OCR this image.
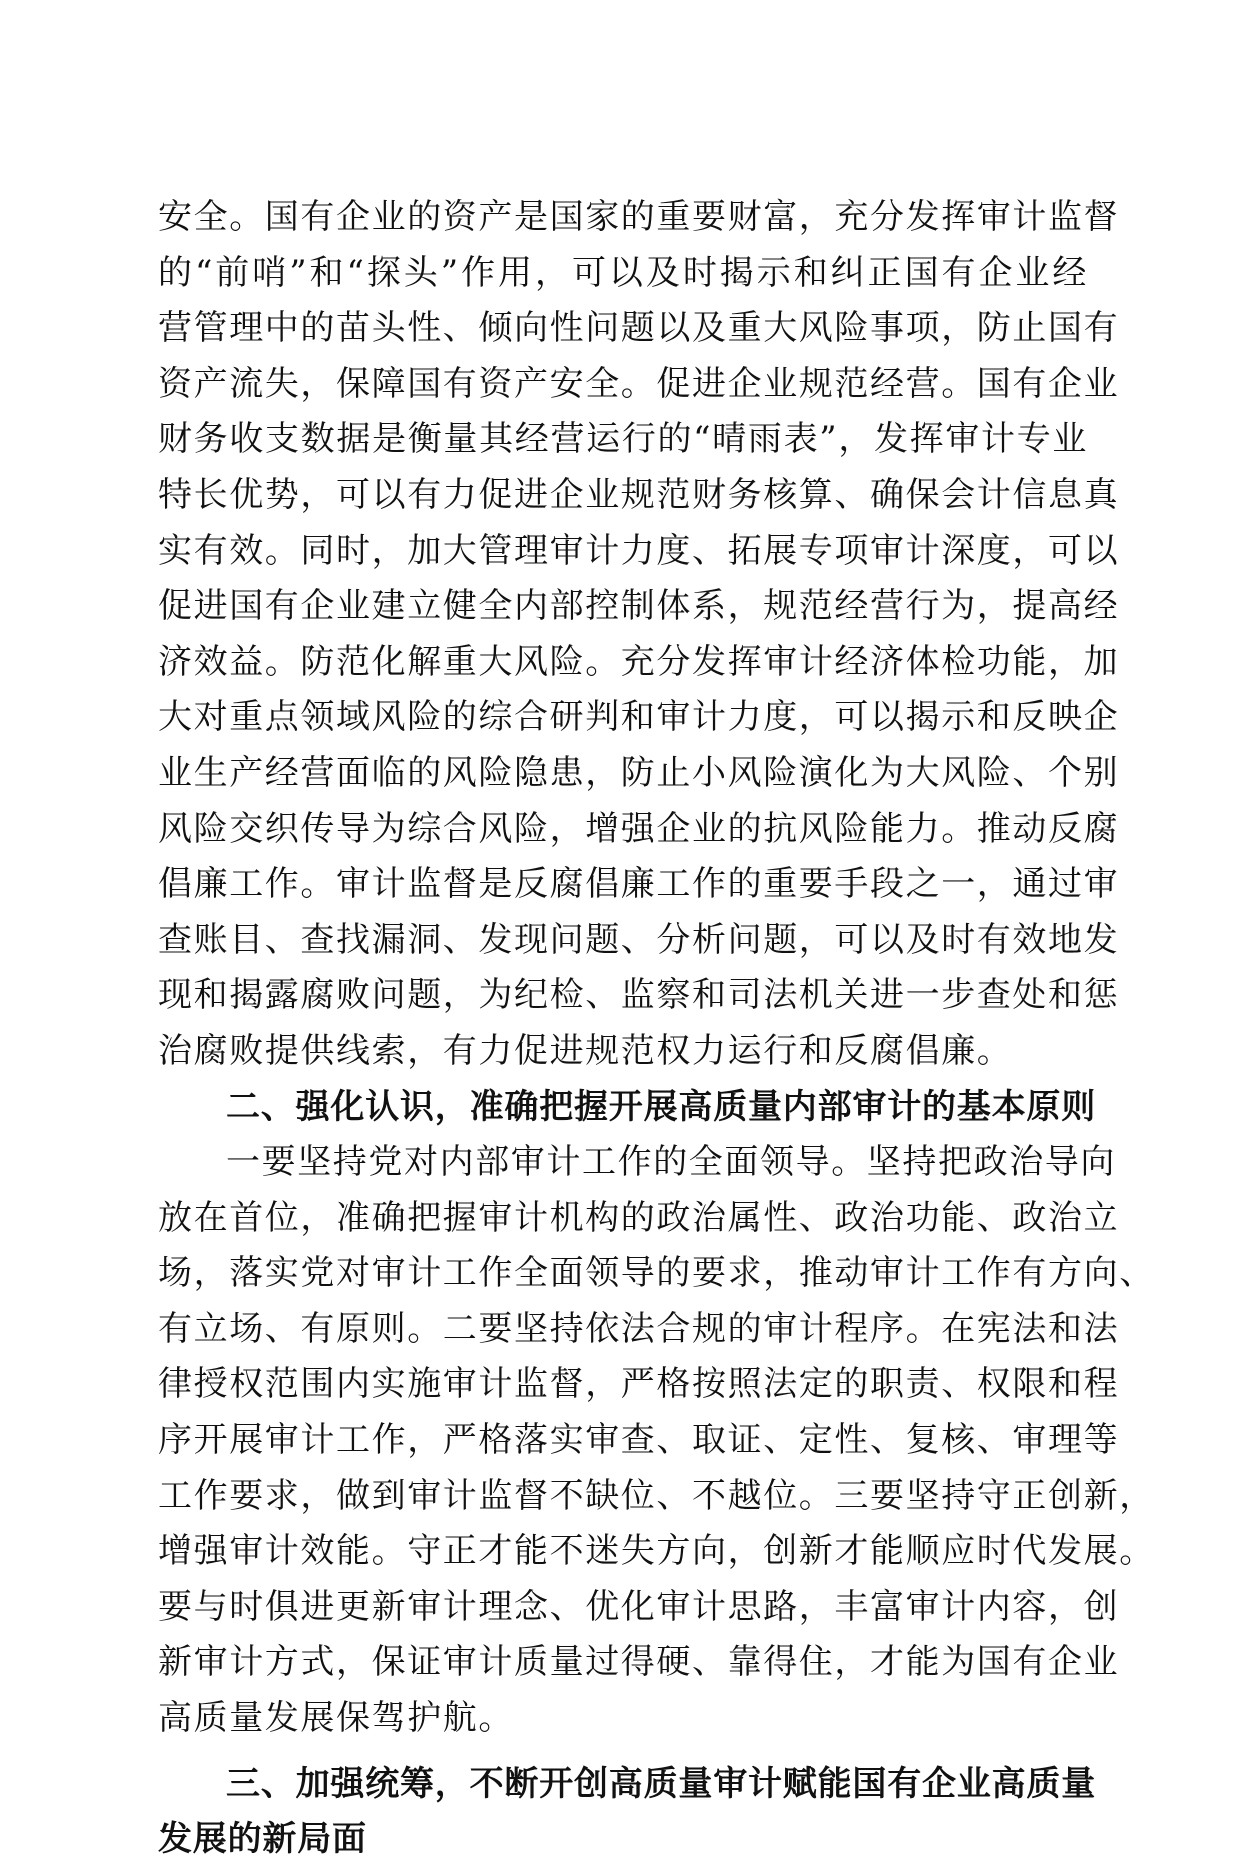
安全。国有企业的资产是国家的重要财富，充分发挥审计监督
的“前哨”和“探头”作用，可以及时揭示和纠正国有企业经
营管理中的苗头性、倾向性问题以及重大风险事项，防止国有
资产流失，保障国有资产安全。促进企业规范经营。国有企业
财务收支数据是衡量其经营运行的“晴雨表”，发挥审计专业
特长优势，可以有力促进企业规范财务核算、确保会计信息真
实有效。同时，加大管理审计力度、拓展专项审计深度，可以
促进国有企业建立健全内部控制体系，规范经营行为，提高经
济效益。防范化解重大风险。充分发挥审计经济体检功能，加
大对重点领域风险的综合研判和审计力度，可以揭示和反映企
业生产经营面临的风险隐患，防止小风险演化为大风险、个别
风险交织传导为综合风险，增强企业的抗风险能力。推动反腐
倡廉工作。审计监督是反腐倡廉工作的重要手段之一，通过审
查账目、查找漏洞、发现问题、分析问题，可以及时有效地发
现和揭露腐败问题，为纪检、监察和司法机关进一步查处和惩
治腐败提供线索，有力促进规范权力运行和反腐倡廉。
二、强化认识，准确把握开展高质量内部审计的基本原则
一要坚持党对内部审计工作的全面领导。坚持把政治导向
放在首位，准确把握审计机构的政治属性、政治功能、政治立
场，落实党对审计工作全面领导的要求，推动审计工作有方向、
有立场、有原则。二要坚持依法合规的审计程序。在宪法和法
律授权范围内实施审计监督，严格按照法定的职责、权限和程
序开展审计工作，严格落实审查、取证、定性、复核、审理等
工作要求，做到审计监督不缺位、不越位。三要坚持守正创新，
增强审计效能。守正才能不迷失方向，创新才能顺应时代发展。
要与时俱进更新审计理念、优化审计思路，丰富审计内容，创
新审计方式，保证审计质量过得硬、靠得住，才能为国有企业
高质量发展保驾护航。
三、加强统筹，不断开创高质量审计赋能国有企业高质量
发展的新局面
